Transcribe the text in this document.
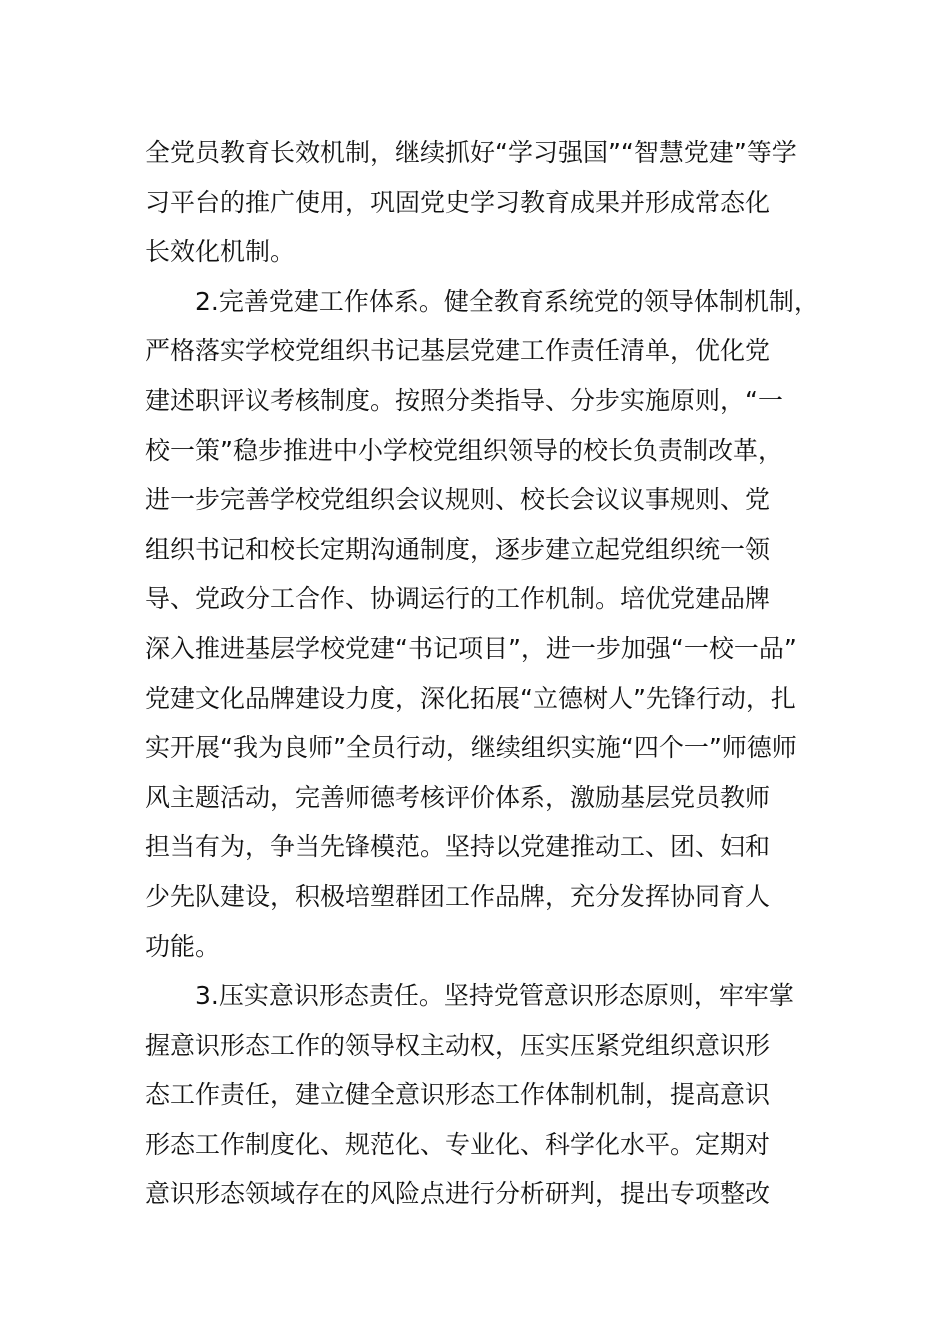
全党员教育长效机制，继续抓好“学习强国”“智慧党建”等学
习平台的推广使用，巩固党史学习教育成果并形成常态化
长效化机制。
　　2.完善党建工作体系。健全教育系统党的领导体制机制，
严格落实学校党组织书记基层党建工作责任清单，优化党
建述职评议考核制度。按照分类指导、分步实施原则，“一
校一策”稳步推进中小学校党组织领导的校长负责制改革，
进一步完善学校党组织会议规则、校长会议议事规则、党
组织书记和校长定期沟通制度，逐步建立起党组织统一领
导、党政分工合作、协调运行的工作机制。培优党建品牌
深入推进基层学校党建“书记项目”，进一步加强“一校一品”
党建文化品牌建设力度，深化拓展“立德树人”先锋行动，扎
实开展“我为良师”全员行动，继续组织实施“四个一”师德师
风主题活动，完善师德考核评价体系，激励基层党员教师
担当有为，争当先锋模范。坚持以党建推动工、团、妇和
少先队建设，积极培塑群团工作品牌，充分发挥协同育人
功能。
　　3.压实意识形态责任。坚持党管意识形态原则，牢牢掌
握意识形态工作的领导权主动权，压实压紧党组织意识形
态工作责任，建立健全意识形态工作体制机制，提高意识
形态工作制度化、规范化、专业化、科学化水平。定期对
意识形态领域存在的风险点进行分析研判，提出专项整改
